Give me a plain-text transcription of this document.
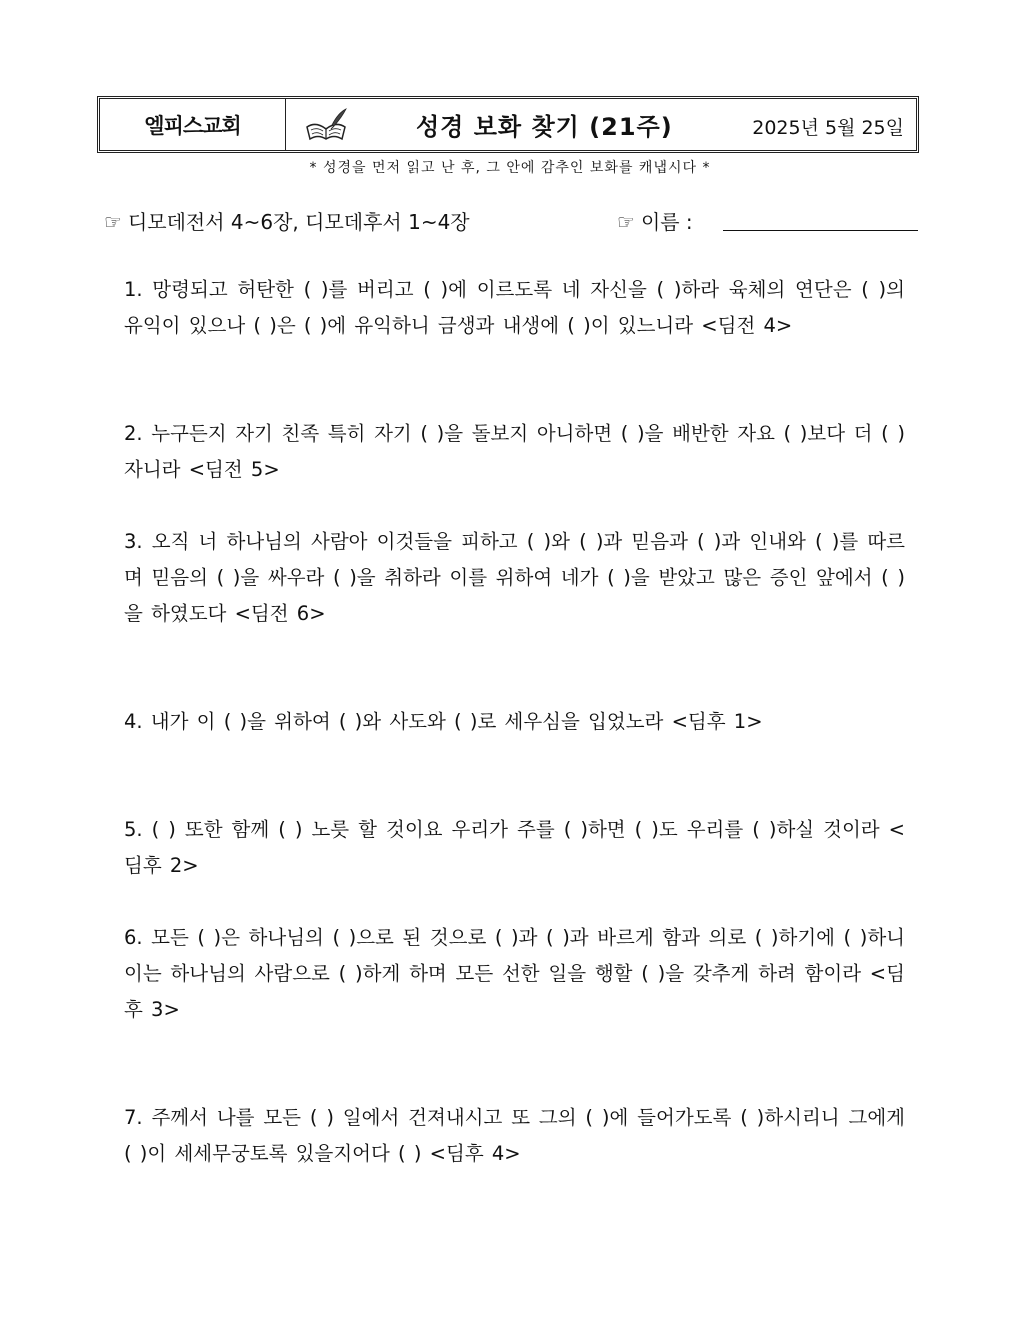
엘피스교회	성경 보화 찾기 (21주)	2025년 5월 25일
* 성경을 먼저 읽고 난 후, 그 안에 감추인 보화를 캐냅시다 *
☞ 디모데전서 4~6장, 디모데후서 1~4장	☞ 이름 :
1. 망령되고 허탄한 ( )를 버리고 ( )에 이르도록 네 자신을 ( )하라 육체의 연단은 ( )의 유익이 있으나 ( )은 ( )에 유익하니 금생과 내생에 ( )이 있느니라 <딤전 4>
2. 누구든지 자기 친족 특히 자기 ( )을 돌보지 아니하면 ( )을 배반한 자요 ( )보다 더 ( ) 자니라 <딤전 5>
3. 오직 너 하나님의 사람아 이것들을 피하고 ( )와 ( )과 믿음과 ( )과 인내와 ( )를 따르며 믿음의 ( )을 싸우라 ( )을 취하라 이를 위하여 네가 ( )을 받았고 많은 증인 앞에서 ( )을 하였도다 <딤전 6>
4. 내가 이 ( )을 위하여 ( )와 사도와 ( )로 세우심을 입었노라 <딤후 1>
5. ( ) 또한 함께 ( ) 노릇 할 것이요 우리가 주를 ( )하면 ( )도 우리를 ( )하실 것이라 <딤후 2>
6. 모든 ( )은 하나님의 ( )으로 된 것으로 ( )과 ( )과 바르게 함과 의로 ( )하기에 ( )하니 이는 하나님의 사람으로 ( )하게 하며 모든 선한 일을 행할 ( )을 갖추게 하려 함이라 <딤후 3>
7. 주께서 나를 모든 ( ) 일에서 건져내시고 또 그의 ( )에 들어가도록 ( )하시리니 그에게 ( )이 세세무궁토록 있을지어다 ( ) <딤후 4>
